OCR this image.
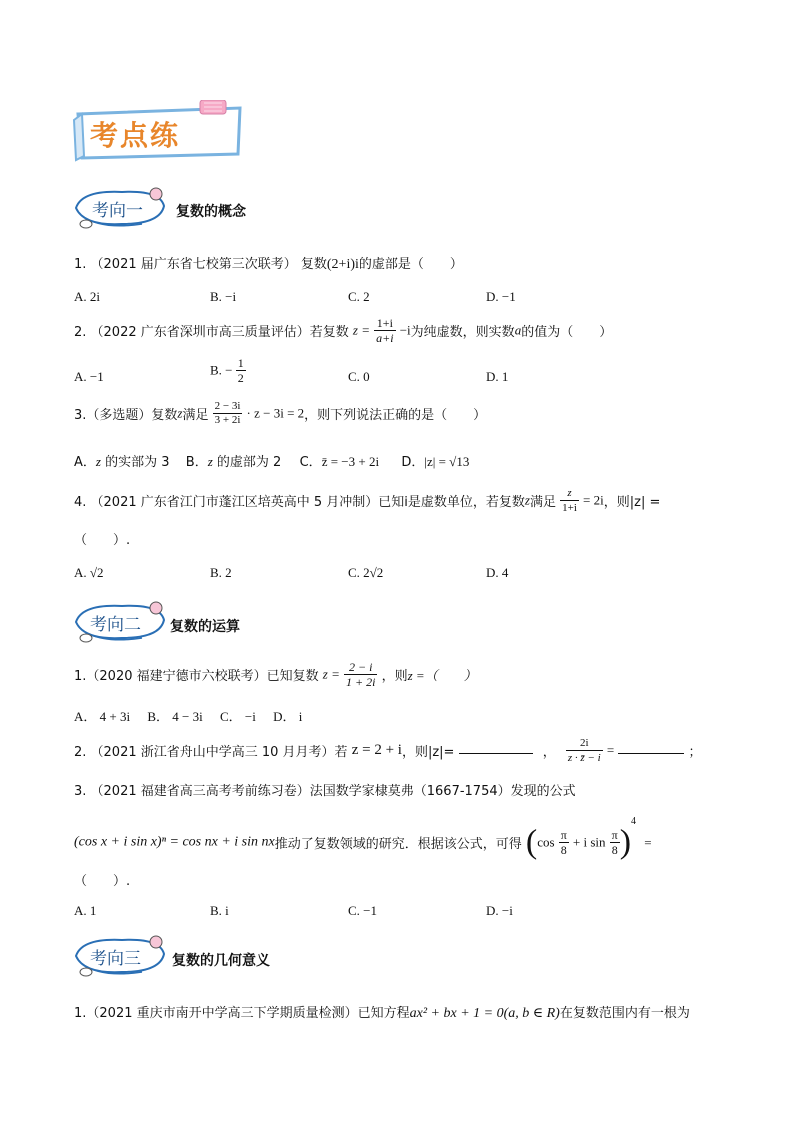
考点练
考向一 复数的概念
1. （2021 届广东省七校第三次联考） 复数(2+i)i的虚部是（　　）
A. 2i	B. −i	C. 2	D. −1
2. （2022 广东省深圳市高三质量评估）若复数 $z = \frac{1+i}{a+i} -i$为纯虚数，则实数a的值为（　　）
A. −1	B. − $\frac{1}{2}$	C. 0	D. 1
3.（多选题）复数z满足 $\frac{2 - 3i}{3 + 2i} \cdot z - 3i = 2$，则下列说法正确的是（　　）
A．z 的实部为 3 B．z 的虚部为 2 C．z̄ = −3 + 2i D．|z| = √13
4. （2021 广东省江门市蓬江区培英高中 5 月冲制）已知i是虚数单位，若复数z满足 $\frac{z}{1+i} = 2i$，则|z| =
（　　）.
A. √2	B. 2	C. 2√2	D. 4
考向二 复数的运算
1.（2020 福建宁德市六校联考）已知复数 $z = \frac{2 - i}{1 + 2i}$ ，则z =（　　）
A． 4 + 3i B． 4 − 3i C． −i D． i
2. （2021 浙江省舟山中学高三 10 月月考）若 z = 2 + i，则|z|=	， $\frac{2i}{z \cdot z̄ - i}$ =	；
3. （2021 福建省高三高考考前练习卷）法国数学家棣莫弗（1667-1754）发现的公式
(cos x + i sin x)ⁿ = cos nx + i sin nx推动了复数领域的研究．根据该公式，可得 ($\cos \frac{\pi}{8} + i$ $\sin \frac{\pi}{8} )^4$ =
（　　）.
A. 1	B. i	C. −1	D. −i
考向三 复数的几何意义
1.（2021 重庆市南开中学高三下学期质量检测）已知方程ax² + bx + 1 = 0(a, b ∈ R)在复数范围内有一根为
